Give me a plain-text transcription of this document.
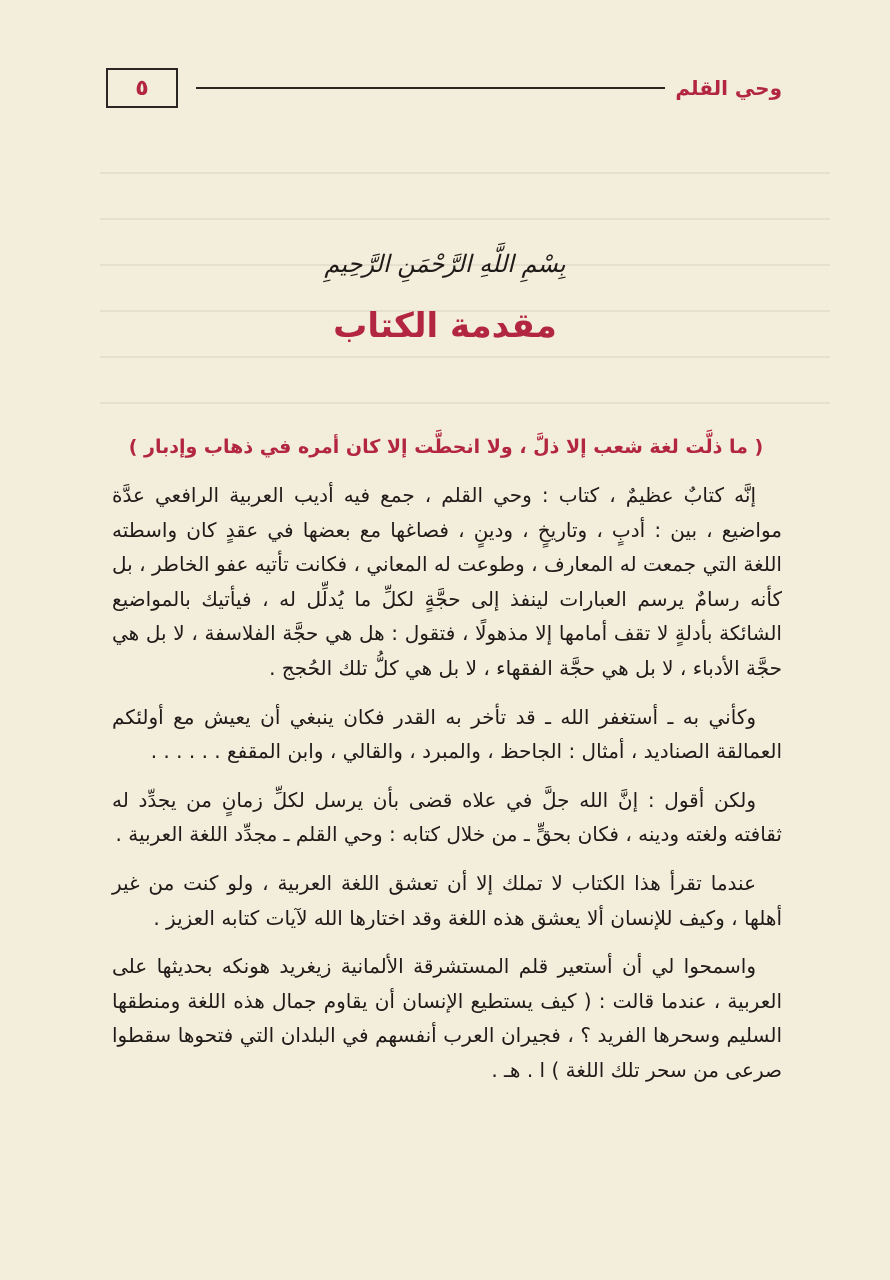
٥	وحي القلم
بِسْمِ اللَّهِ الرَّحْمَنِ الرَّحِيمِ
مقدمة الكتاب
( ما ذلَّت لغة شعب إلا ذلَّ ، ولا انحطَّت إلا كان أمره في ذهاب وإدبار )

إنَّه كتابٌ عظيمٌ ، كتاب : وحي القلم ، جمع فيه أديب العربية الرافعي عدَّة مواضيع ، بين : أدبٍ ، وتاريخٍ ، ودينٍ ، فصاغها مع بعضها في عقدٍ كان واسطته اللغة التي جمعت له المعارف ، وطوعت له المعاني ، فكانت تأتيه عفو الخاطر ، بل كأنه رسامٌ يرسم العبارات لينفذ إلى حجَّةٍ لكلِّ ما يُدلِّل له ، فيأتيك بالمواضيع الشائكة بأدلةٍ لا تقف أمامها إلا مذهولًا ، فتقول : هل هي حجَّة الفلاسفة ، لا بل هي حجَّة الأدباء ، لا بل هي حجَّة الفقهاء ، لا بل هي كلُّ تلك الحُجج .

وكأني به ـ أستغفر الله ـ قد تأخر به القدر فكان ينبغي أن يعيش مع أولئكم العمالقة الصناديد ، أمثال : الجاحظ ، والمبرد ، والقالي ، وابن المقفع . . . . . .

ولكن أقول : إنَّ الله جلَّ في علاه قضى بأن يرسل لكلِّ زمانٍ من يجدِّد له ثقافته ولغته ودينه ، فكان بحقٍّ ـ من خلال كتابه : وحي القلم ـ مجدِّد اللغة العربية .

عندما تقرأ هذا الكتاب لا تملك إلا أن تعشق اللغة العربية ، ولو كنت من غير أهلها ، وكيف للإنسان ألا يعشق هذه اللغة وقد اختارها الله لآيات كتابه العزيز .

واسمحوا لي أن أستعير قلم المستشرقة الألمانية زيغريد هونكه بحديثها على العربية ، عندما قالت : ( كيف يستطيع الإنسان أن يقاوم جمال هذه اللغة ومنطقها السليم وسحرها الفريد ؟ ، فجيران العرب أنفسهم في البلدان التي فتحوها سقطوا صرعى من سحر تلك اللغة ) ا . هـ .
